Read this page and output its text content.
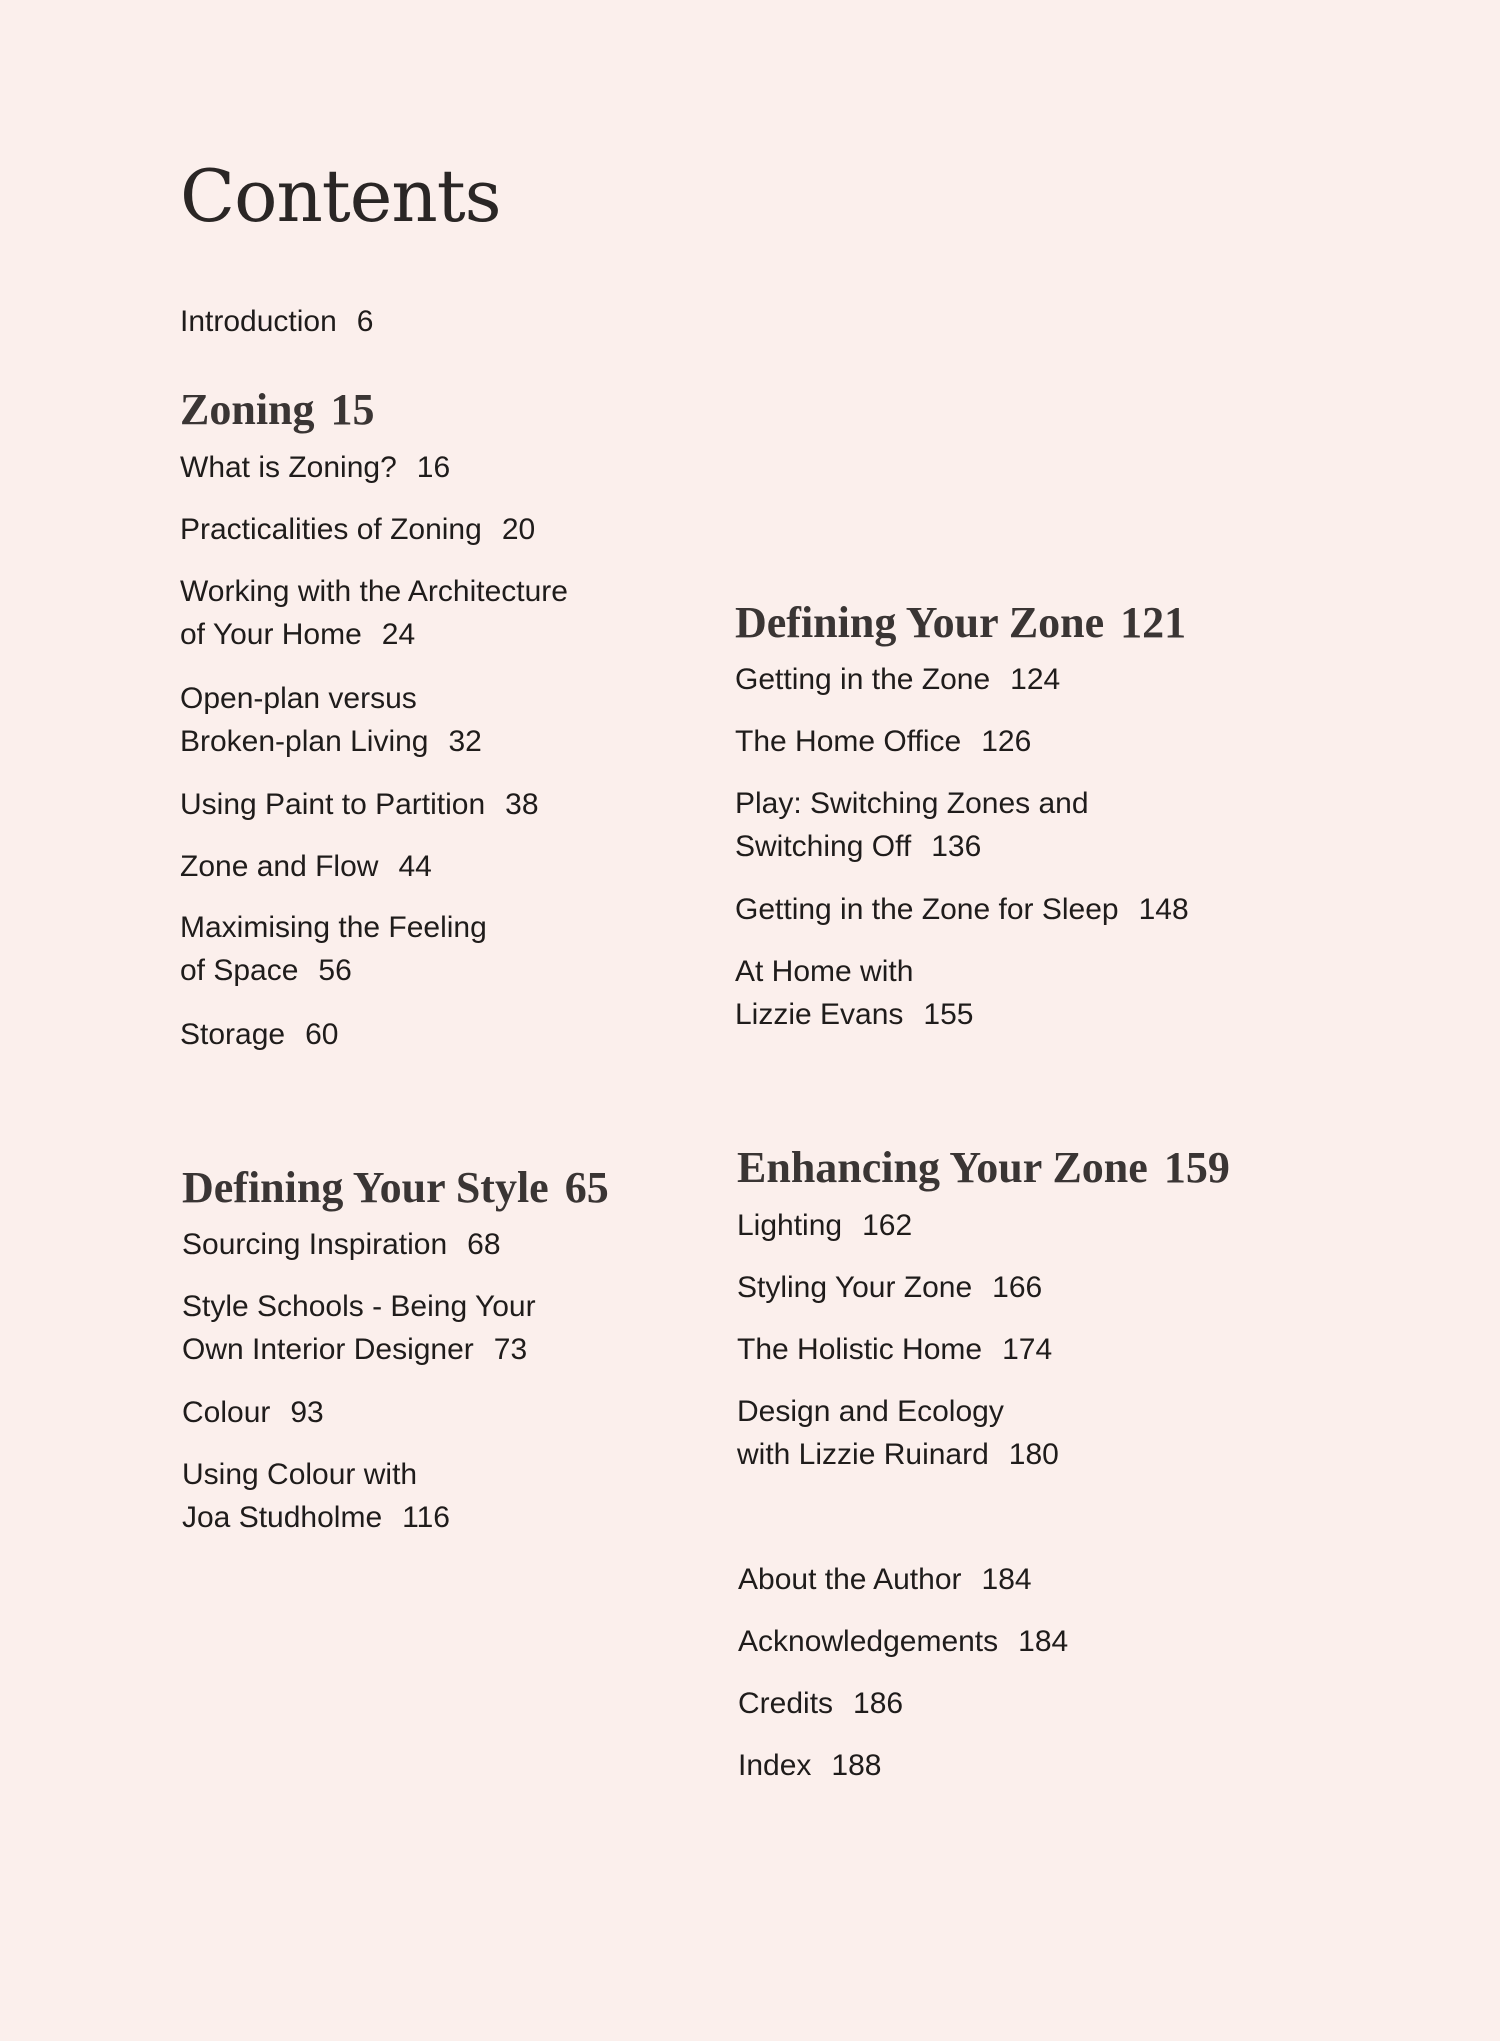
Contents

Introduction 6

Zoning 15

What is Zoning? 16

Practicalities of Zoning 20

Working with the Architecture
of Your Home 24

Open-plan versus
Broken-plan Living 32

Using Paint to Partition 38

Zone and Flow 44

Maximising the Feeling
of Space 56

Storage 60

Defining Your Style 65

Sourcing Inspiration 68

Style Schools - Being Your
Own Interior Designer 73

Colour 93

Using Colour with
Joa Studholme 116

Defining Your Zone 121

Getting in the Zone 124

The Home Office 126

Play: Switching Zones and
Switching Off 136

Getting in the Zone for Sleep 148

At Home with
Lizzie Evans 155

Enhancing Your Zone 159

Lighting 162

Styling Your Zone 166

The Holistic Home 174

Design and Ecology
with Lizzie Ruinard 180

About the Author 184

Acknowledgements 184

Credits 186

Index 188
